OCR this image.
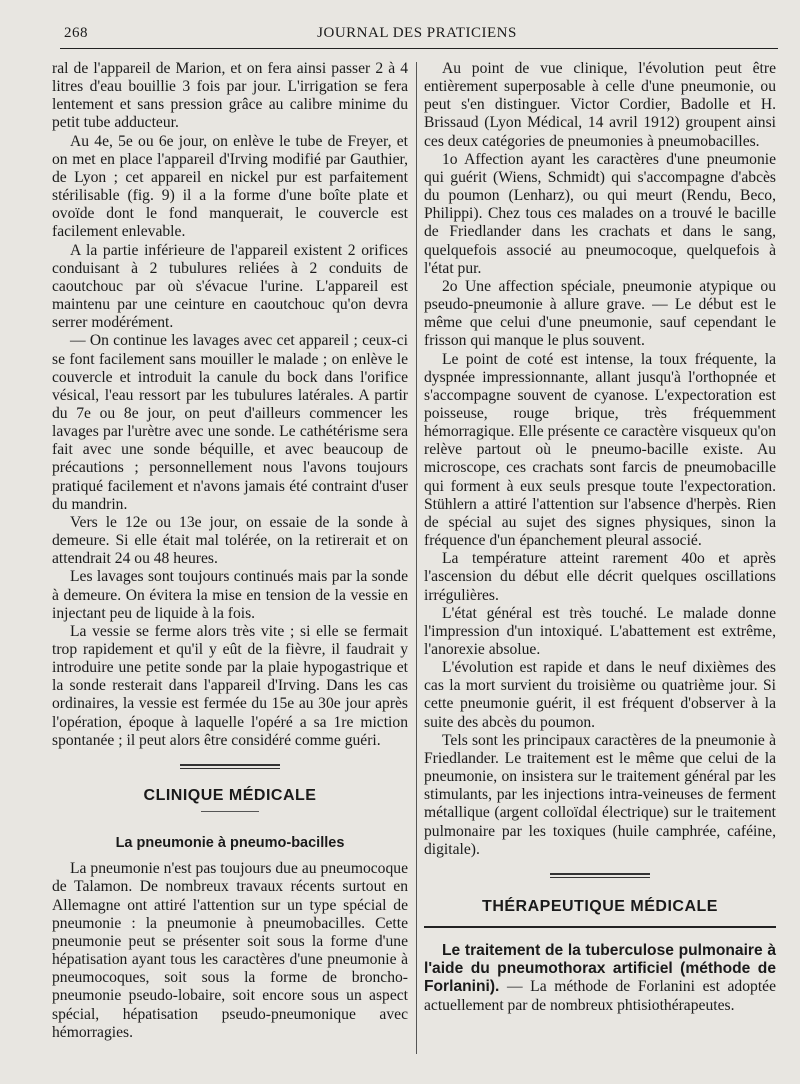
268	JOURNAL DES PRATICIENS

ral de l'appareil de Marion, et on fera ainsi passer 2 à 4 litres d'eau bouillie 3 fois par jour. L'irrigation se fera lentement et sans pression grâce au calibre minime du petit tube adducteur.

Au 4e, 5e ou 6e jour, on enlève le tube de Freyer, et on met en place l'appareil d'Irving modifié par Gauthier, de Lyon ; cet appareil en nickel pur est parfaitement stérilisable (fig. 9) il a la forme d'une boîte plate et ovoïde dont le fond manquerait, le couvercle est facilement enlevable.

A la partie inférieure de l'appareil existent 2 orifices conduisant à 2 tubulures reliées à 2 conduits de caoutchouc par où s'évacue l'urine. L'appareil est maintenu par une ceinture en caoutchouc qu'on devra serrer modérément.

— On continue les lavages avec cet appareil ; ceux-ci se font facilement sans mouiller le malade ; on enlève le couvercle et introduit la canule du bock dans l'orifice vésical, l'eau ressort par les tubulures latérales. A partir du 7e ou 8e jour, on peut d'ailleurs commencer les lavages par l'urètre avec une sonde. Le cathétérisme sera fait avec une sonde béquille, et avec beaucoup de précautions ; personnellement nous l'avons toujours pratiqué facilement et n'avons jamais été contraint d'user du mandrin.

Vers le 12e ou 13e jour, on essaie de la sonde à demeure. Si elle était mal tolérée, on la retirerait et on attendrait 24 ou 48 heures.

Les lavages sont toujours continués mais par la sonde à demeure. On évitera la mise en tension de la vessie en injectant peu de liquide à la fois.

La vessie se ferme alors très vite ; si elle se fermait trop rapidement et qu'il y eût de la fièvre, il faudrait y introduire une petite sonde par la plaie hypogastrique et la sonde resterait dans l'appareil d'Irving. Dans les cas ordinaires, la vessie est fermée du 15e au 30e jour après l'opération, époque à laquelle l'opéré a sa 1re miction spontanée ; il peut alors être considéré comme guéri.

CLINIQUE MÉDICALE
La pneumonie à pneumo-bacilles

La pneumonie n'est pas toujours due au pneumocoque de Talamon. De nombreux travaux récents surtout en Allemagne ont attiré l'attention sur un type spécial de pneumonie : la pneumonie à pneumobacilles. Cette pneumonie peut se présenter soit sous la forme d'une hépatisation ayant tous les caractères d'une pneumonie à pneumocoques, soit sous la forme de broncho-pneumonie pseudo-lobaire, soit encore sous un aspect spécial, hépatisation pseudo-pneumonique avec hémorragies.

Au point de vue clinique, l'évolution peut être entièrement superposable à celle d'une pneumonie, ou peut s'en distinguer. Victor Cordier, Badolle et H. Brissaud (Lyon Médical, 14 avril 1912) groupent ainsi ces deux catégories de pneumonies à pneumobacilles.

1o Affection ayant les caractères d'une pneumonie qui guérit (Wiens, Schmidt) qui s'accompagne d'abcès du poumon (Lenharz), ou qui meurt (Rendu, Beco, Philippi). Chez tous ces malades on a trouvé le bacille de Friedlander dans les crachats et dans le sang, quelquefois associé au pneumocoque, quelquefois à l'état pur.

2o Une affection spéciale, pneumonie atypique ou pseudo-pneumonie à allure grave. — Le début est le même que celui d'une pneumonie, sauf cependant le frisson qui manque le plus souvent.

Le point de coté est intense, la toux fréquente, la dyspnée impressionnante, allant jusqu'à l'orthopnée et s'accompagne souvent de cyanose. L'expectoration est poisseuse, rouge brique, très fréquemment hémorragique. Elle présente ce caractère visqueux qu'on relève partout où le pneumo-bacille existe. Au microscope, ces crachats sont farcis de pneumobacille qui forment à eux seuls presque toute l'expectoration. Stühlern a attiré l'attention sur l'absence d'herpès. Rien de spécial au sujet des signes physiques, sinon la fréquence d'un épanchement pleural associé.

La température atteint rarement 40o et après l'ascension du début elle décrit quelques oscillations irrégulières.

L'état général est très touché. Le malade donne l'impression d'un intoxiqué. L'abattement est extrême, l'anorexie absolue.

L'évolution est rapide et dans le neuf dixièmes des cas la mort survient du troisième ou quatrième jour. Si cette pneumonie guérit, il est fréquent d'observer à la suite des abcès du poumon.

Tels sont les principaux caractères de la pneumonie à Friedlander. Le traitement est le même que celui de la pneumonie, on insistera sur le traitement général par les stimulants, par les injections intra-veineuses de ferment métallique (argent colloïdal électrique) sur le traitement pulmonaire par les toxiques (huile camphrée, caféine, digitale).

THÉRAPEUTIQUE MÉDICALE

Le traitement de la tuberculose pulmonaire à l'aide du pneumothorax artificiel (méthode de Forlanini). — La méthode de Forlanini est adoptée actuellement par de nombreux phtisiothérapeutes.
